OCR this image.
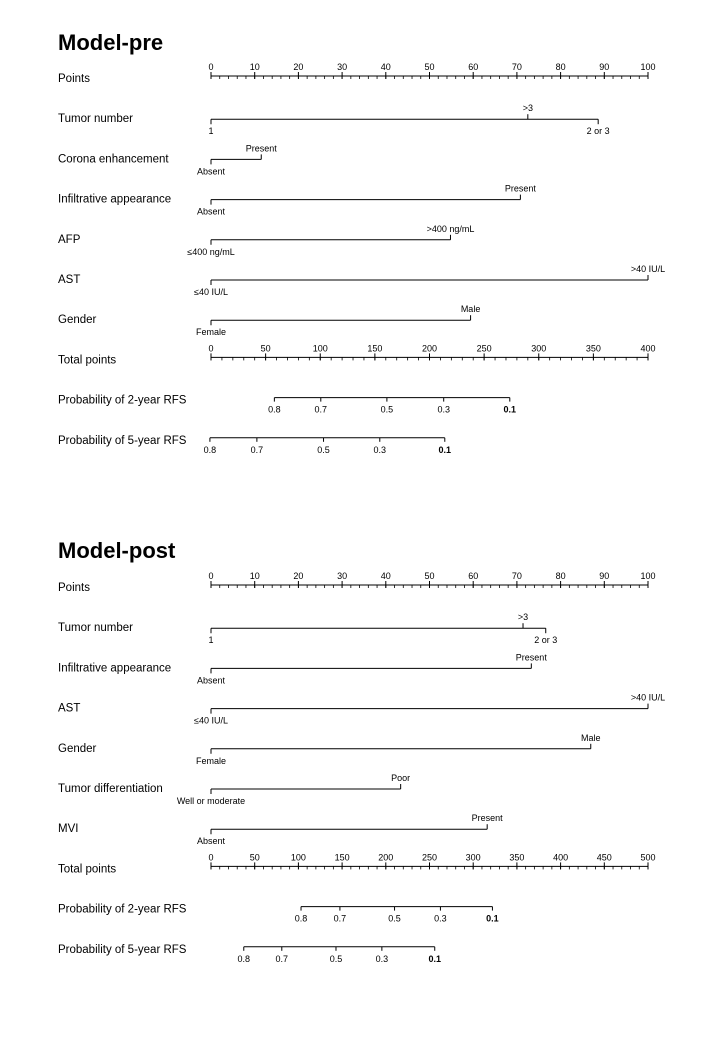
Model-pre
Points
0	10	20	30	40	50	60	70	80	90	100
Tumor number
1
>3
2 or 3
Corona enhancement
Absent
Present
Infiltrative appearance
Absent
Present
AFP
≤400 ng/mL
>400 ng/mL
AST
≤40 IU/L
>40 IU/L
Gender
Female
Male
Total points
0	50	100	150	200	250	300	350	400
Probability of 2-year RFS
0.8	0.7	0.5	0.3	0.1
Probability of 5-year RFS
0.8	0.7	0.5	0.3	0.1
Model-post
Points
0	10	20	30	40	50	60	70	80	90	100
Tumor number
1
>3
2 or 3
Infiltrative appearance
Absent
Present
AST
≤40 IU/L
>40 IU/L
Gender
Female
Male
Tumor differentiation
Well or moderate
Poor
MVI
Absent
Present
Total points
0	50	100	150	200	250	300	350	400	450	500
Probability of 2-year RFS
0.8	0.7	0.5	0.3	0.1
Probability of 5-year RFS
0.8	0.7	0.5	0.3	0.1
